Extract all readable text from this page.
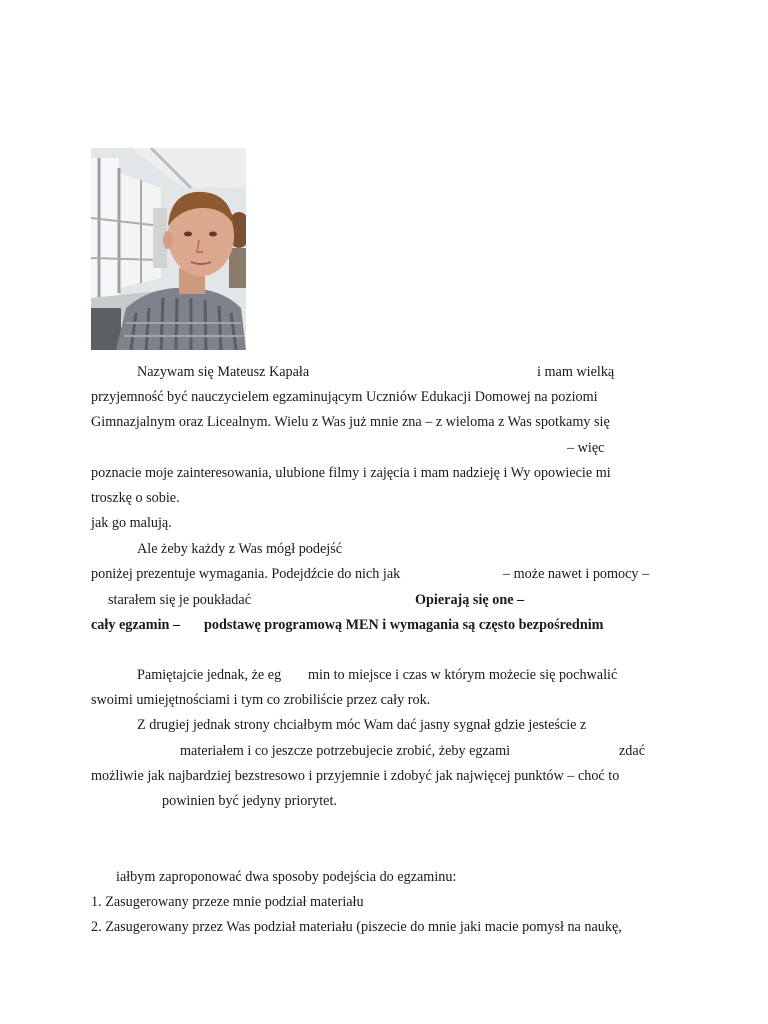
Nazywam się Mateusz Kapała	i mam wielką
przyjemność być nauczycielem egzaminującym Uczniów Edukacji Domowej na poziomi
Gimnazjalnym oraz Licealnym. Wielu z Was już mnie zna – z wieloma z Was spotkamy się
– więc
poznacie moje zainteresowania, ulubione filmy i zajęcia i mam nadzieję i Wy opowiecie mi
troszkę o sobie.
jak go malują.
Ale żeby każdy z Was mógł podejść
poniżej prezentuje wymagania. Podejdźcie do nich jak	– może nawet i pomocy –
starałem się je poukładać	Opierają się one –
cały egzamin – podstawę programową MEN i wymagania są często bezpośrednim
Pamiętajcie jednak, że eg min to miejsce i czas w którym możecie się pochwalić
swoimi umiejętnościami i tym co zrobiliście przez cały rok.
Z drugiej jednak strony chciałbym móc Wam dać jasny sygnał gdzie jesteście z
materiałem i co jeszcze potrzebujecie zrobić, żeby egzami	zdać
możliwie jak najbardziej bezstresowo i przyjemnie i zdobyć jak najwięcej punktów – choć to
powinien być jedyny priorytet.
iałbym zaproponować dwa sposoby podejścia do egzaminu:
1. Zasugerowany przeze mnie podział materiału
2. Zasugerowany przez Was podział materiału (piszecie do mnie jaki macie pomysł na naukę,
